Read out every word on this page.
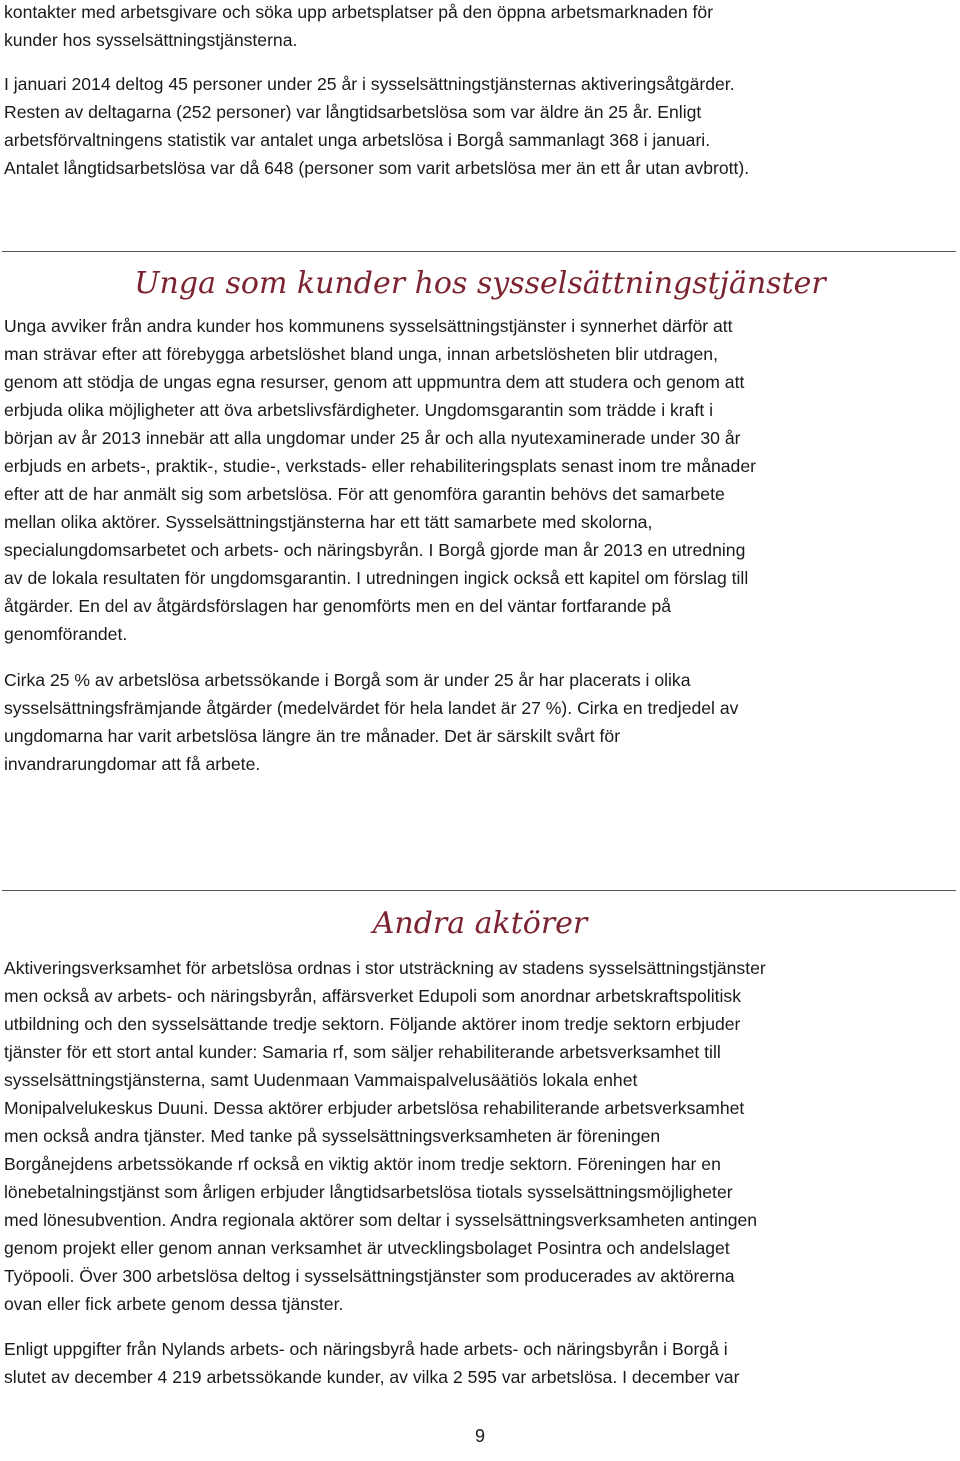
kontakter med arbetsgivare och söka upp arbetsplatser på den öppna arbetsmarknaden för
kunder hos sysselsättningstjänsterna.
I januari 2014 deltog 45 personer under 25 år i sysselsättningstjänsternas aktiveringsåtgärder.
Resten av deltagarna (252 personer) var långtidsarbetslösa som var äldre än 25 år. Enligt
arbetsförvaltningens statistik var antalet unga arbetslösa i Borgå sammanlagt 368 i januari.
Antalet långtidsarbetslösa var då 648 (personer som varit arbetslösa mer än ett år utan avbrott).
Unga som kunder hos sysselsättningstjänster
Unga avviker från andra kunder hos kommunens sysselsättningstjänster i synnerhet därför att
man strävar efter att förebygga arbetslöshet bland unga, innan arbetslösheten blir utdragen,
genom att stödja de ungas egna resurser, genom att uppmuntra dem att studera och genom att
erbjuda olika möjligheter att öva arbetslivsfärdigheter. Ungdomsgarantin som trädde i kraft i
början av år 2013 innebär att alla ungdomar under 25 år och alla nyutexaminerade under 30 år
erbjuds en arbets-, praktik-, studie-, verkstads- eller rehabiliteringsplats senast inom tre månader
efter att de har anmält sig som arbetslösa. För att genomföra garantin behövs det samarbete
mellan olika aktörer. Sysselsättningstjänsterna har ett tätt samarbete med skolorna,
specialungdomsarbetet och arbets- och näringsbyrån. I Borgå gjorde man år 2013 en utredning
av de lokala resultaten för ungdomsgarantin. I utredningen ingick också ett kapitel om förslag till
åtgärder. En del av åtgärdsförslagen har genomförts men en del väntar fortfarande på
genomförandet.
Cirka 25 % av arbetslösa arbetssökande i Borgå som är under 25 år har placerats i olika
sysselsättningsfrämjande åtgärder (medelvärdet för hela landet är 27 %). Cirka en tredjedel av
ungdomarna har varit arbetslösa längre än tre månader. Det är särskilt svårt för
invandrarungdomar att få arbete.
Andra aktörer
Aktiveringsverksamhet för arbetslösa ordnas i stor utsträckning av stadens sysselsättningstjänster
men också av arbets- och näringsbyrån, affärsverket Edupoli som anordnar arbetskraftspolitisk
utbildning och den sysselsättande tredje sektorn. Följande aktörer inom tredje sektorn erbjuder
tjänster för ett stort antal kunder: Samaria rf, som säljer rehabiliterande arbetsverksamhet till
sysselsättningstjänsterna, samt Uudenmaan Vammaispalvelusäätiös lokala enhet
Monipalvelukeskus Duuni. Dessa aktörer erbjuder arbetslösa rehabiliterande arbetsverksamhet
men också andra tjänster. Med tanke på sysselsättningsverksamheten är föreningen
Borgånejdens arbetssökande rf också en viktig aktör inom tredje sektorn. Föreningen har en
lönebetalningstjänst som årligen erbjuder långtidsarbetslösa tiotals sysselsättningsmöjligheter
med lönesubvention. Andra regionala aktörer som deltar i sysselsättningsverksamheten antingen
genom projekt eller genom annan verksamhet är utvecklingsbolaget Posintra och andelslaget
Työpooli. Över 300 arbetslösa deltog i sysselsättningstjänster som producerades av aktörerna
ovan eller fick arbete genom dessa tjänster.
Enligt uppgifter från Nylands arbets- och näringsbyrå hade arbets- och näringsbyrån i Borgå i
slutet av december 4 219 arbetssökande kunder, av vilka 2 595 var arbetslösa. I december var
9
